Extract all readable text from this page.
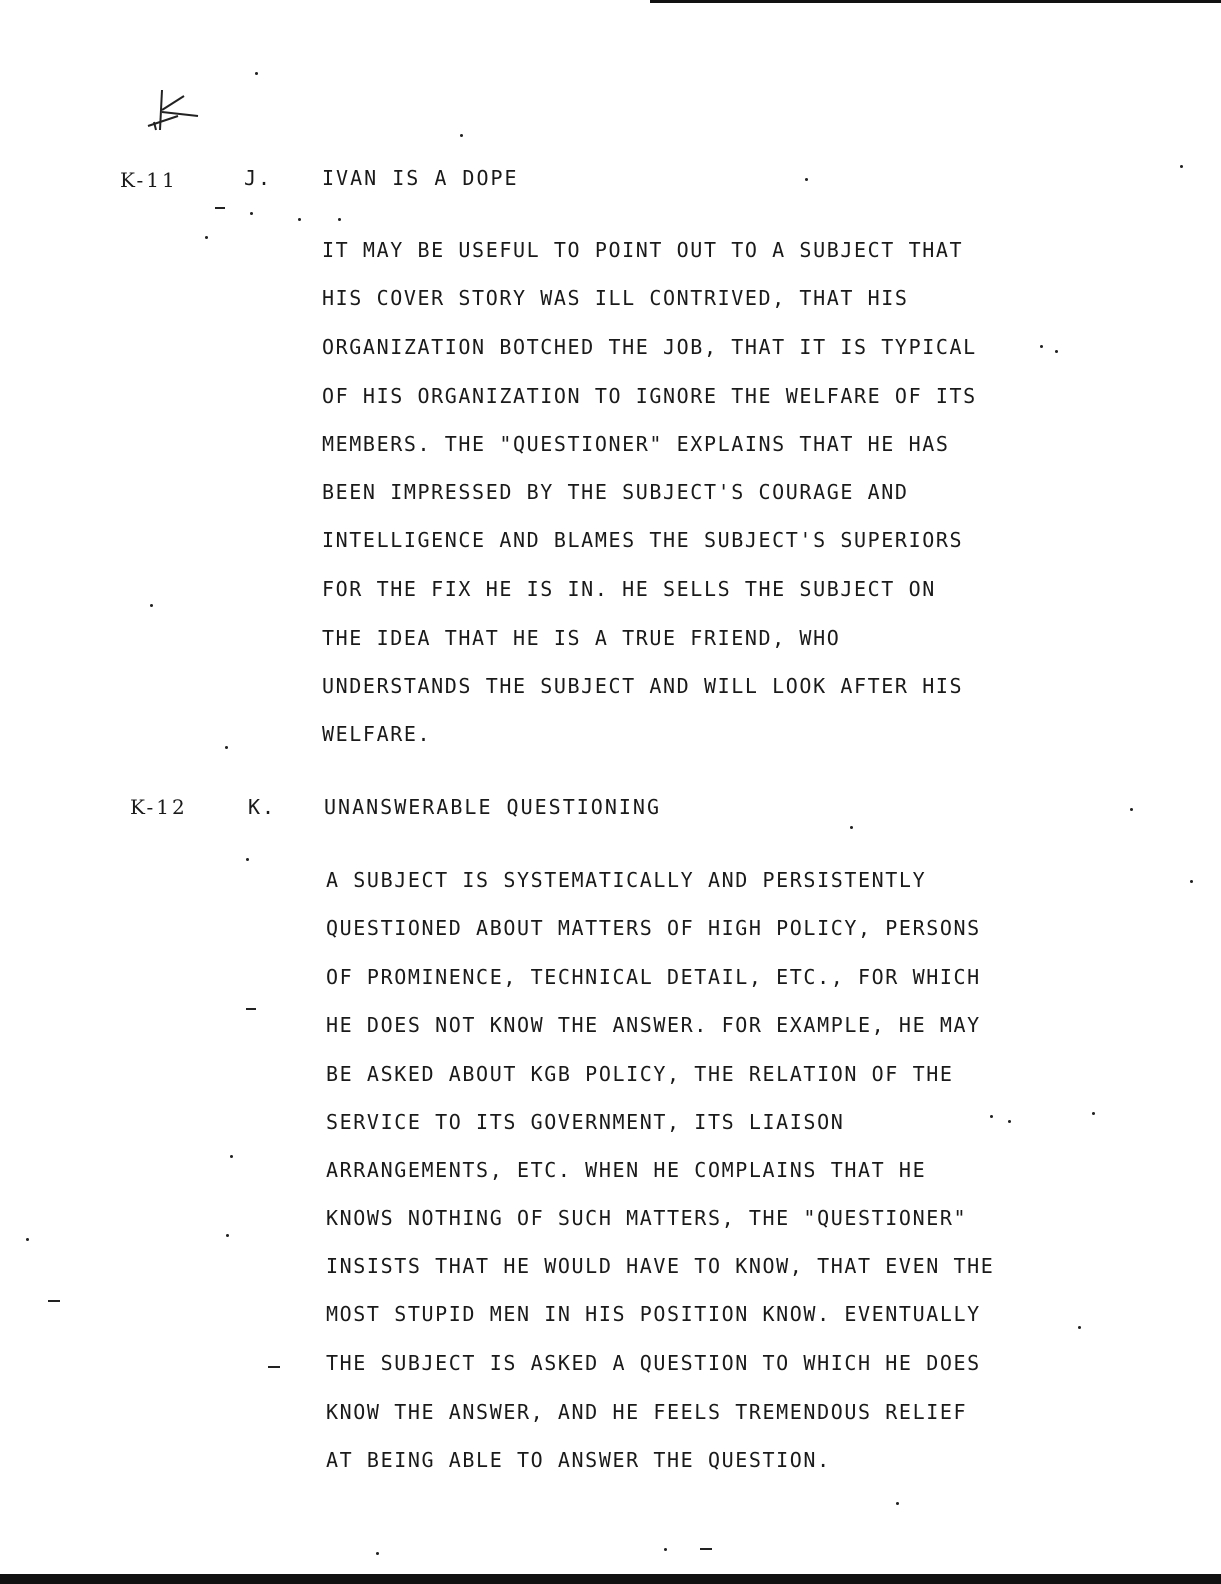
K-11	J. IVAN IS A DOPE
IT MAY BE USEFUL TO POINT OUT TO A SUBJECT THAT
HIS COVER STORY WAS ILL CONTRIVED, THAT HIS
ORGANIZATION BOTCHED THE JOB, THAT IT IS TYPICAL
OF HIS ORGANIZATION TO IGNORE THE WELFARE OF ITS
MEMBERS. THE "QUESTIONER" EXPLAINS THAT HE HAS
BEEN IMPRESSED BY THE SUBJECT'S COURAGE AND
INTELLIGENCE AND BLAMES THE SUBJECT'S SUPERIORS
FOR THE FIX HE IS IN. HE SELLS THE SUBJECT ON
THE IDEA THAT HE IS A TRUE FRIEND, WHO
UNDERSTANDS THE SUBJECT AND WILL LOOK AFTER HIS
WELFARE.
K-12	K. UNANSWERABLE QUESTIONING
A SUBJECT IS SYSTEMATICALLY AND PERSISTENTLY
QUESTIONED ABOUT MATTERS OF HIGH POLICY, PERSONS
OF PROMINENCE, TECHNICAL DETAIL, ETC., FOR WHICH
HE DOES NOT KNOW THE ANSWER. FOR EXAMPLE, HE MAY
BE ASKED ABOUT KGB POLICY, THE RELATION OF THE
SERVICE TO ITS GOVERNMENT, ITS LIAISON
ARRANGEMENTS, ETC. WHEN HE COMPLAINS THAT HE
KNOWS NOTHING OF SUCH MATTERS, THE "QUESTIONER"
INSISTS THAT HE WOULD HAVE TO KNOW, THAT EVEN THE
MOST STUPID MEN IN HIS POSITION KNOW. EVENTUALLY
THE SUBJECT IS ASKED A QUESTION TO WHICH HE DOES
KNOW THE ANSWER, AND HE FEELS TREMENDOUS RELIEF
AT BEING ABLE TO ANSWER THE QUESTION.
